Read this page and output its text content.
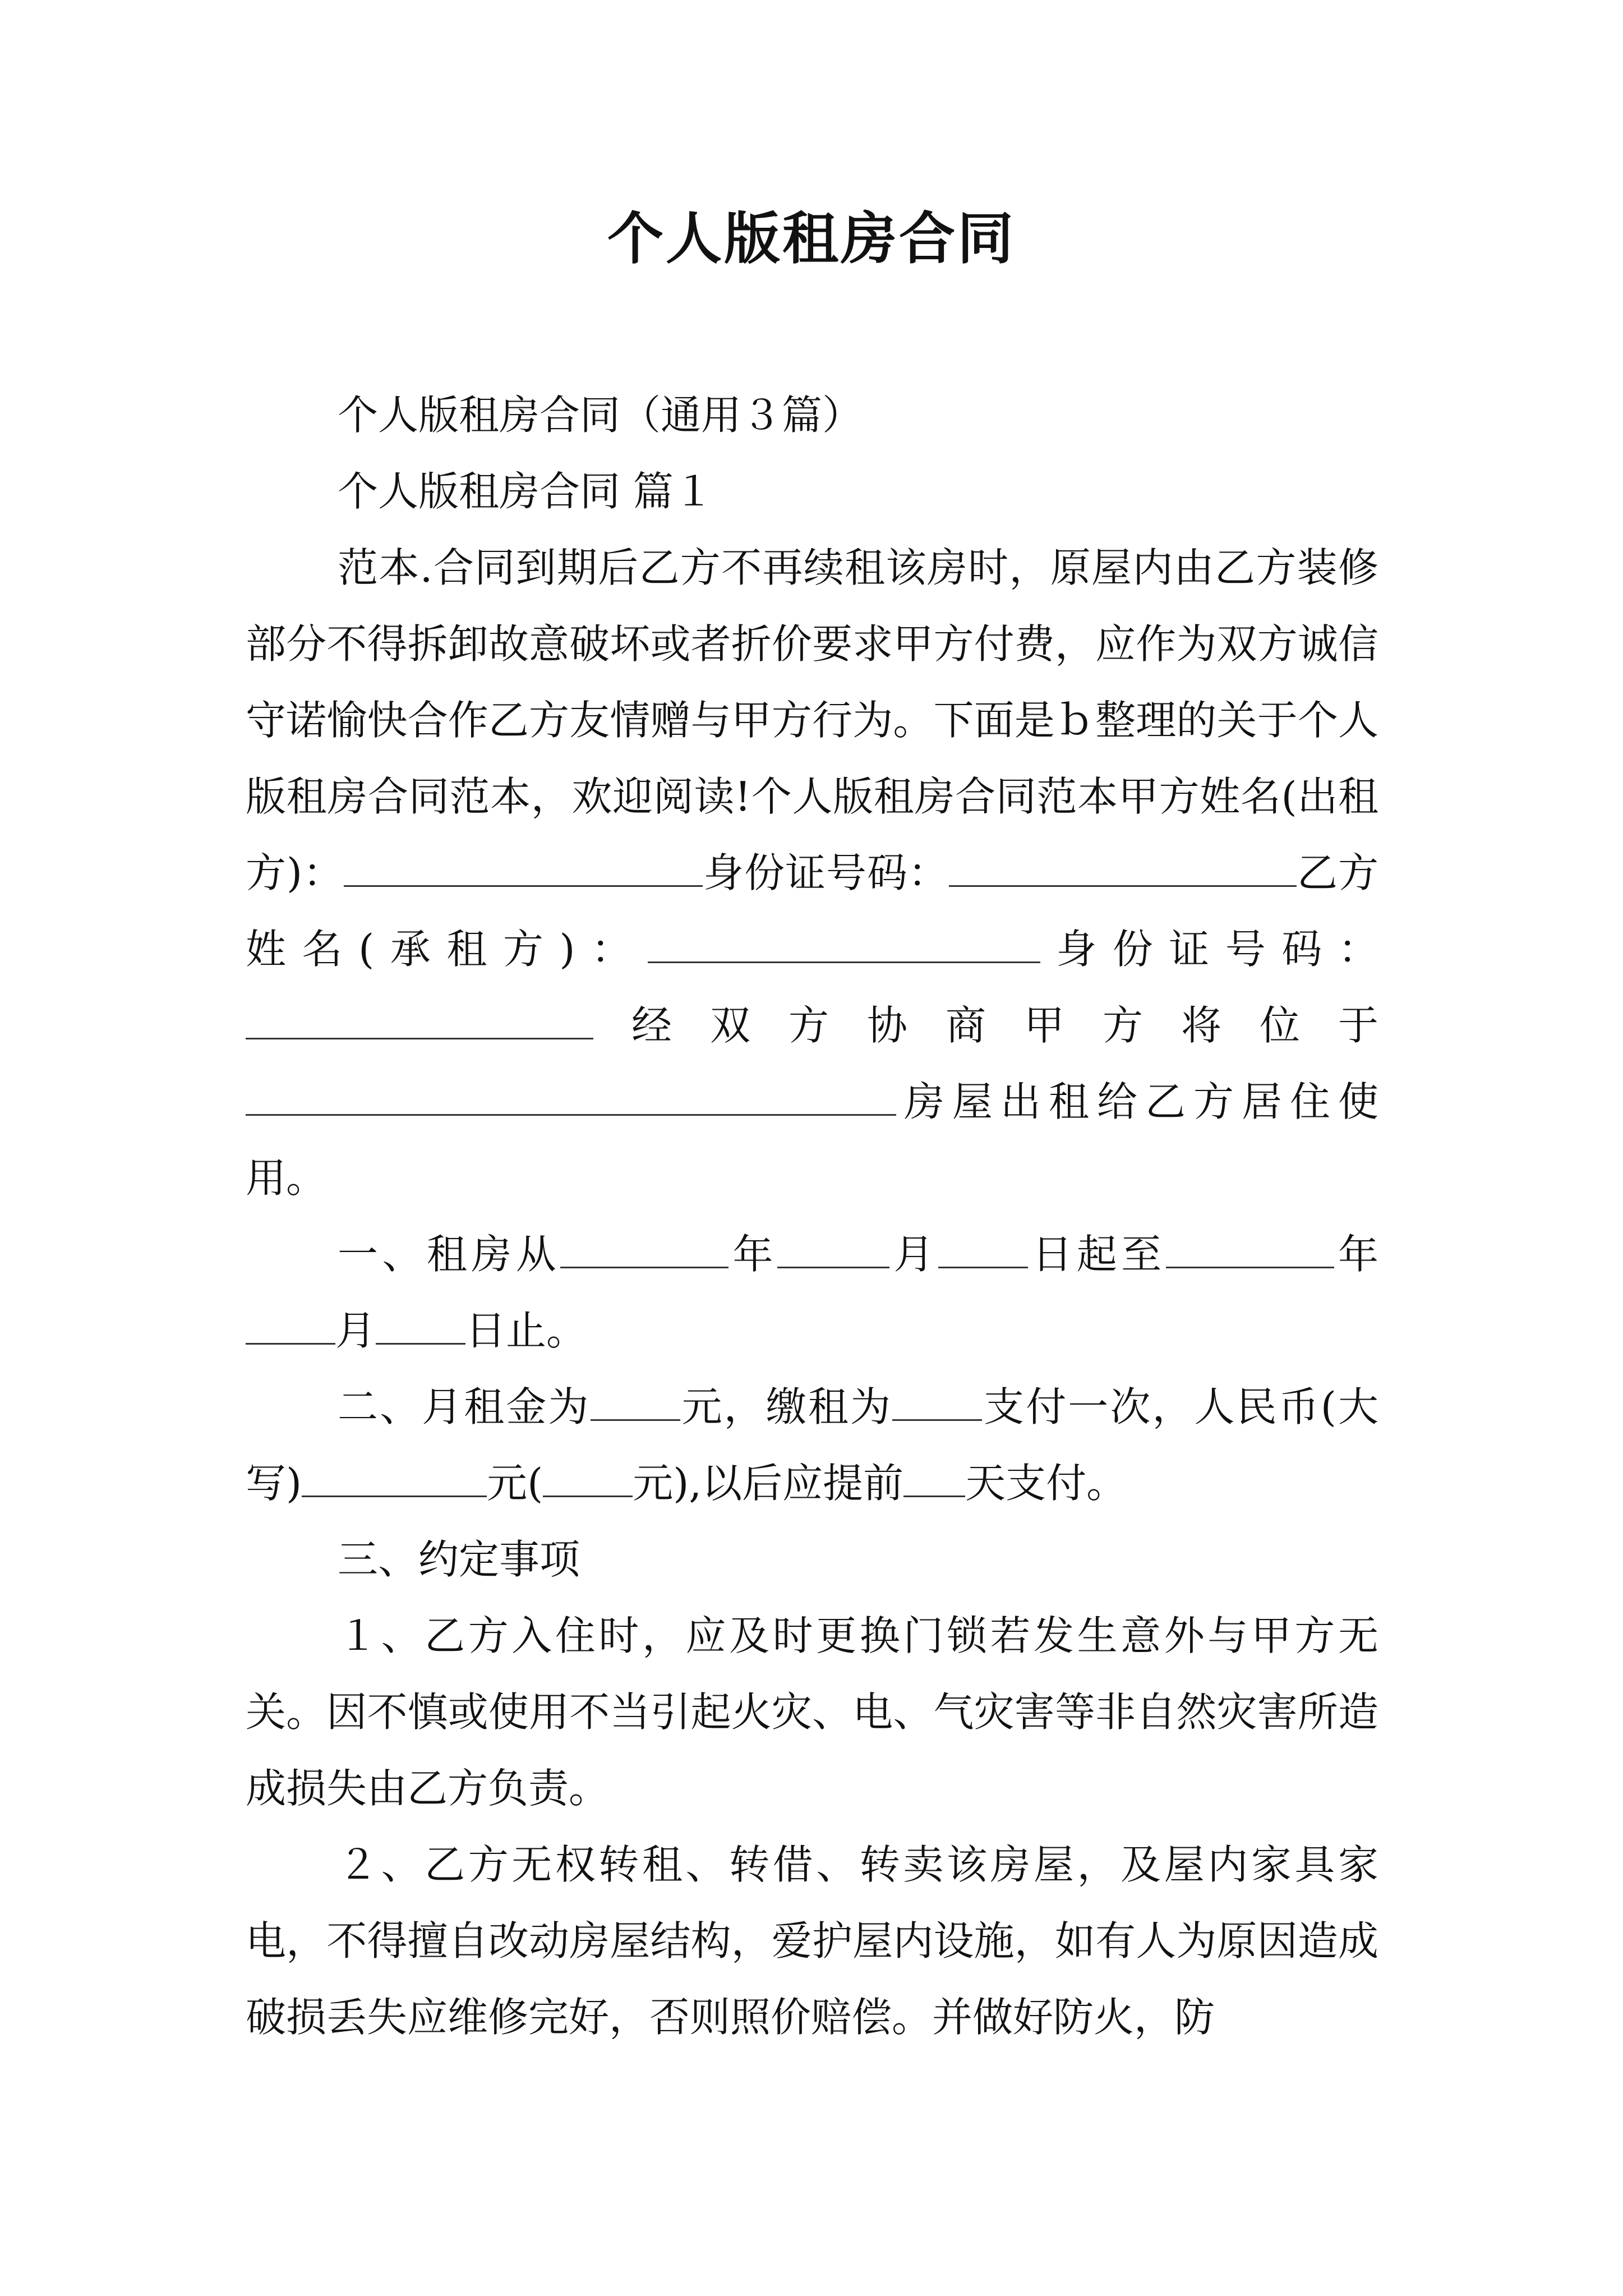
个人版租房合同

个人版租房合同（通用３篇）

个人版租房合同 篇１

范本.合同到期后乙方不再续租该房时，原屋内由乙方装修部分不得拆卸故意破坏或者折价要求甲方付费，应作为双方诚信守诺愉快合作乙方友情赠与甲方行为。下面是ｂ整理的关于个人版租房合同范本，欢迎阅读!个人版租房合同范本甲方姓名(出租方)：	身份证号码：	乙方姓名(承租方)：	身份证号码：经双方协商甲方将位于房屋出租给乙方居住使用。

一、租房从	年	月 日起至	年月 日止。

二、月租金为 元，缴租为 支付一次，人民币(大写)	元( 元),以后应提前 天支付。

三、约定事项

１、乙方入住时，应及时更换门锁若发生意外与甲方无关。因不慎或使用不当引起火灾、电、气灾害等非自然灾害所造成损失由乙方负责。

２、乙方无权转租、转借、转卖该房屋，及屋内家具家电，不得擅自改动房屋结构，爱护屋内设施，如有人为原因造成破损丢失应维修完好，否则照价赔偿。并做好防火，防
